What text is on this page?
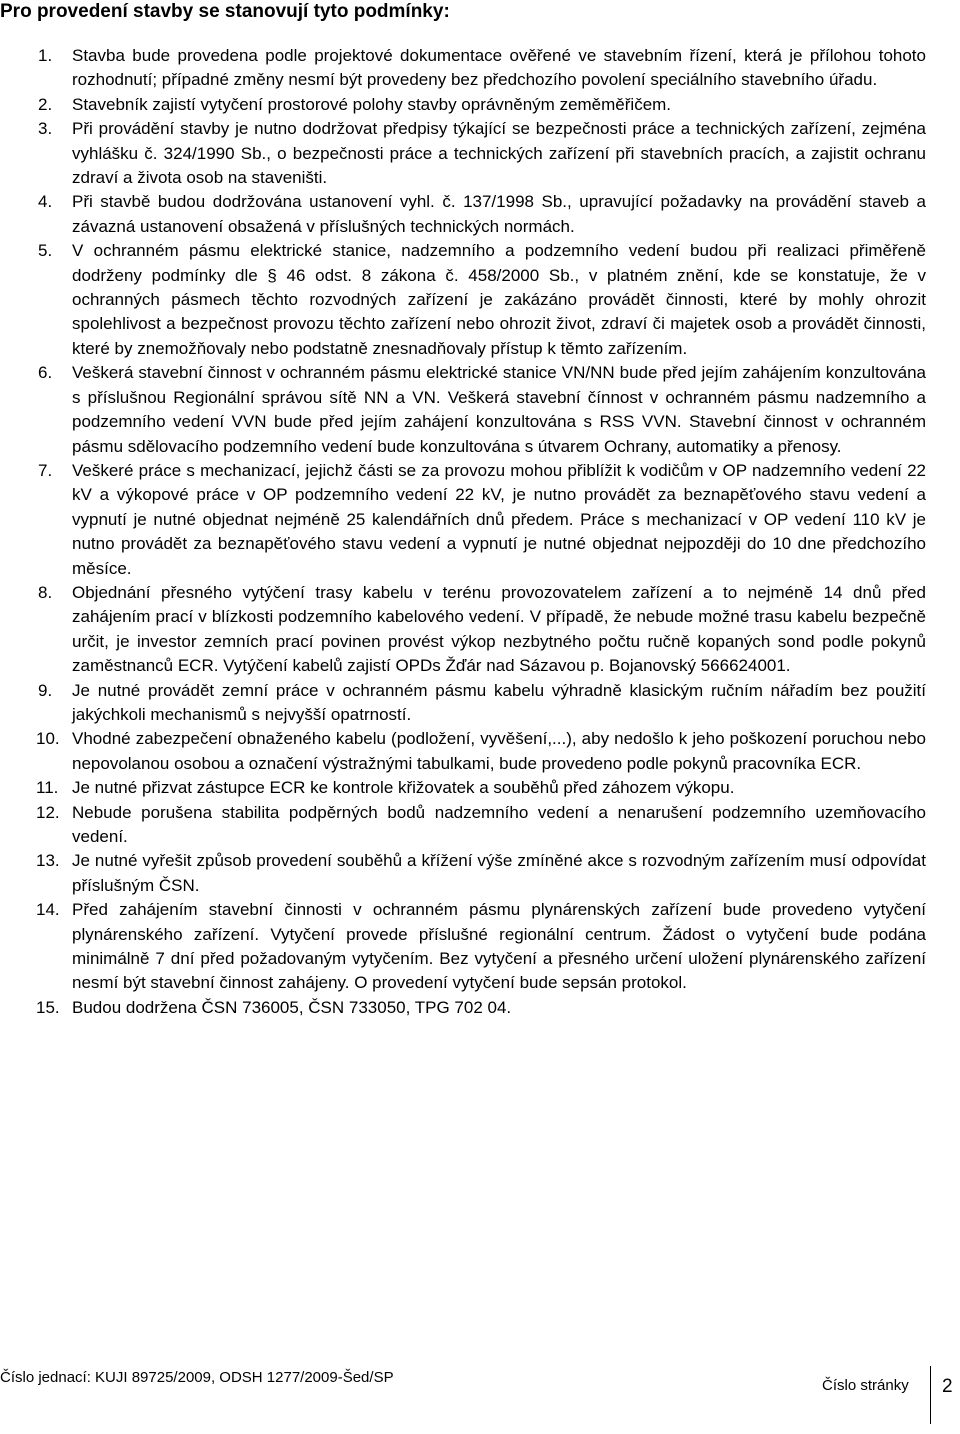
Pro provedení stavby se stanovují tyto podmínky:
1.	Stavba bude provedena podle projektové dokumentace ověřené ve stavebním řízení, která je přílohou tohoto rozhodnutí; případné změny nesmí být provedeny bez předchozího povolení speciálního stavebního úřadu.
2.	Stavebník zajistí vytyčení prostorové polohy stavby oprávněným zeměměřičem.
3.	Při provádění stavby je nutno dodržovat předpisy týkající se bezpečnosti práce a technických zařízení, zejména vyhlášku č. 324/1990 Sb., o bezpečnosti práce a technických zařízení při stavebních pracích, a zajistit ochranu zdraví a života osob na staveništi.
4.	Při stavbě budou dodržována ustanovení vyhl. č. 137/1998 Sb., upravující požadavky na provádění staveb a závazná ustanovení obsažená v příslušných technických normách.
5.	V ochranném pásmu elektrické stanice, nadzemního a podzemního vedení budou při realizaci přiměřeně dodrženy podmínky dle § 46 odst. 8 zákona č. 458/2000 Sb., v platném znění, kde se konstatuje, že v ochranných pásmech těchto rozvodných zařízení je zakázáno provádět činnosti, které by mohly ohrozit spolehlivost a bezpečnost provozu těchto zařízení nebo ohrozit život, zdraví či majetek osob a provádět činnosti, které by znemožňovaly nebo podstatně znesnadňovaly přístup k těmto zařízením.
6.	Veškerá stavební činnost v ochranném pásmu elektrické stanice VN/NN bude před jejím zahájením konzultována s příslušnou Regionální správou sítě NN a VN. Veškerá stavební čínnost v ochranném pásmu nadzemního a podzemního vedení VVN bude před jejím zahájení konzultována s RSS VVN. Stavební činnost v ochranném pásmu sdělovacího podzemního vedení bude konzultována s útvarem Ochrany, automatiky a přenosy.
7.	Veškeré práce s mechanizací, jejichž části se za provozu mohou přiblížit k vodičům v OP nadzemního vedení 22 kV a výkopové práce v OP podzemního vedení 22 kV, je nutno provádět za beznapěťového stavu vedení a vypnutí je nutné objednat nejméně 25 kalendářních dnů předem. Práce s mechanizací v OP vedení 110 kV je nutno provádět za beznapěťového stavu vedení a vypnutí je nutné objednat nejpozději do 10 dne předchozího měsíce.
8.	Objednání přesného vytýčení trasy kabelu v terénu provozovatelem zařízení a to nejméně 14 dnů před zahájením prací v blízkosti podzemního kabelového vedení. V případě, že nebude možné trasu kabelu bezpečně určit, je investor zemních prací povinen provést výkop nezbytného počtu ručně kopaných sond podle pokynů zaměstnanců ECR. Vytýčení kabelů zajistí OPDs Žďár nad Sázavou p. Bojanovský 566624001.
9.	Je nutné provádět zemní práce v ochranném pásmu kabelu výhradně klasickým ručním nářadím bez použití jakýchkoli mechanismů s nejvyšší opatrností.
10. Vhodné zabezpečení obnaženého kabelu (podložení, vyvěšení,...), aby nedošlo k jeho poškození poruchou nebo nepovolanou osobou a označení výstražnými tabulkami, bude provedeno podle pokynů pracovníka ECR.
11. Je nutné přizvat zástupce ECR ke kontrole křižovatek a souběhů před záhozem výkopu.
12. Nebude porušena stabilita podpěrných bodů nadzemního vedení a nenarušení podzemního uzemňovacího vedení.
13. Je nutné vyřešit způsob provedení souběhů a křížení výše zmíněné akce s rozvodným zařízením musí odpovídat příslušným ČSN.
14. Před zahájením stavební činnosti v ochranném pásmu plynárenských zařízení bude provedeno vytyčení plynárenského zařízení. Vytyčení provede příslušné regionální centrum. Žádost o vytyčení bude podána minimálně 7 dní před požadovaným vytyčením. Bez vytyčení a přesného určení uložení plynárenského zařízení nesmí být stavební činnost zahájeny. O provedení vytyčení bude sepsán protokol.
15. Budou dodržena ČSN 736005, ČSN 733050, TPG 702 04.
Číslo jednací: KUJI 89725/2009, ODSH 1277/2009-Šed/SP	Číslo stránky 2
